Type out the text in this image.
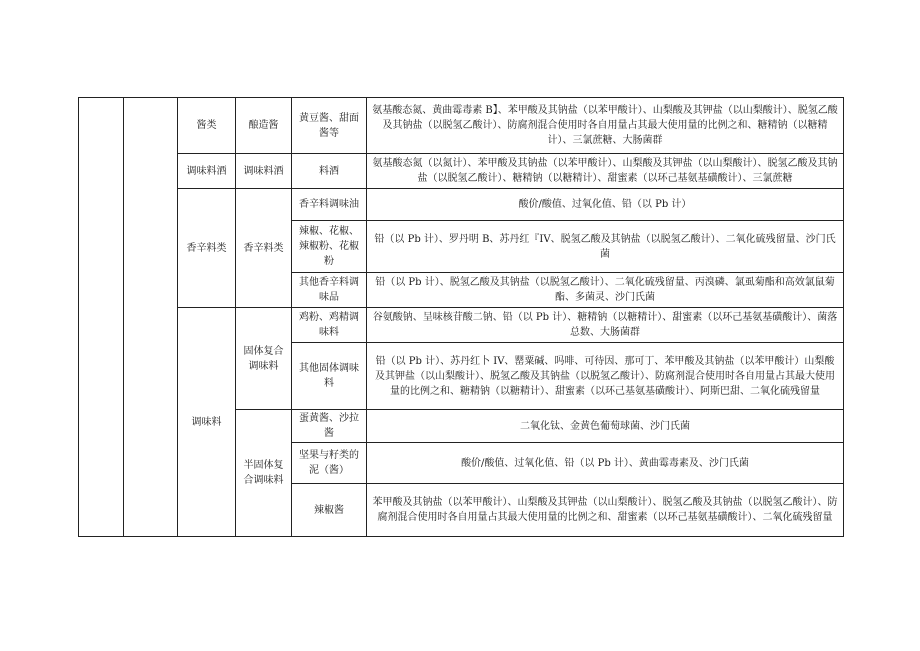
		酱类	酿造酱	黄豆酱、甜面酱等	氨基酸态氮、黄曲霉毒素 B】、苯甲酸及其钠盐（以苯甲酸计）、山梨酸及其钾盐（以山梨酸计）、脱氢乙酸及其钠盐（以脱氢乙酸计）、防腐剂混合使用时各自用量占其最大使用量的比例之和、糖精钠（以糖精计）、三氯蔗糖、大肠菌群
		调味料酒	调味料酒	料酒	氨基酸态氮（以氮计）、苯甲酸及其钠盐（以苯甲酸计）、山梨酸及其钾盐（以山梨酸计）、脱氢乙酸及其钠盐（以脱氢乙酸计）、糖精钠（以糖精计）、甜蜜素（以环己基氨基磺酸计）、三氯蔗糖
		香辛料类	香辛料类	香辛料调味油	酸价/酸值、过氧化值、铅（以 Pb 计）
				辣椒、花椒、辣椒粉、花椒粉	铅（以 Pb 计）、罗丹明 B、苏丹红『IV、脱氢乙酸及其钠盐（以脱氢乙酸计）、二氧化硫残留量、沙门氏菌
				其他香辛料调味品	铅（以 Pb 计）、脱氢乙酸及其钠盐（以脱氢乙酸计）、二氧化硫残留量、丙溴磷、氯虱菊酯和高效氯鼠菊酯、多菌灵、沙门氏菌
		调味料	固体复合调味料	鸡粉、鸡精调味料	谷氨酸钠、呈味核苷酸二钠、铅（以 Pb 计）、糖精钠（以糖精计）、甜蜜素（以环己基氨基磺酸计）、菌落总数、大肠菌群
				其他固体调味料	铅（以 Pb 计）、苏丹红卜 IV、罂粟碱、吗啡、可待因、那可丁、苯甲酸及其钠盐（以苯甲酸计）山梨酸及其钾盐（以山梨酸计）、脱氢乙酸及其钠盐（以脱氢乙酸计）、防腐剂混合使用时各自用量占其最大使用量的比例之和、糖精钠（以糖精计）、甜蜜素（以环己基氨基磺酸计）、阿斯巴甜、二氧化硫残留量
			半固体复合调味料	蛋黄酱、沙拉酱	二氧化钛、金黄色葡萄球菌、沙门氏菌
				坚果与籽类的泥（酱）	酸价/酸值、过氧化值、铅（以 Pb 计）、黄曲霉毒素及、沙门氏菌
				辣椒酱	苯甲酸及其钠盐（以苯甲酸计）、山梨酸及其钾盐（以山梨酸计）、脱氢乙酸及其钠盐（以脱氢乙酸计）、防腐剂混合使用时各自用量占其最大使用量的比例之和、甜蜜素（以环己基氨基磺酸计）、二氧化硫残留量
